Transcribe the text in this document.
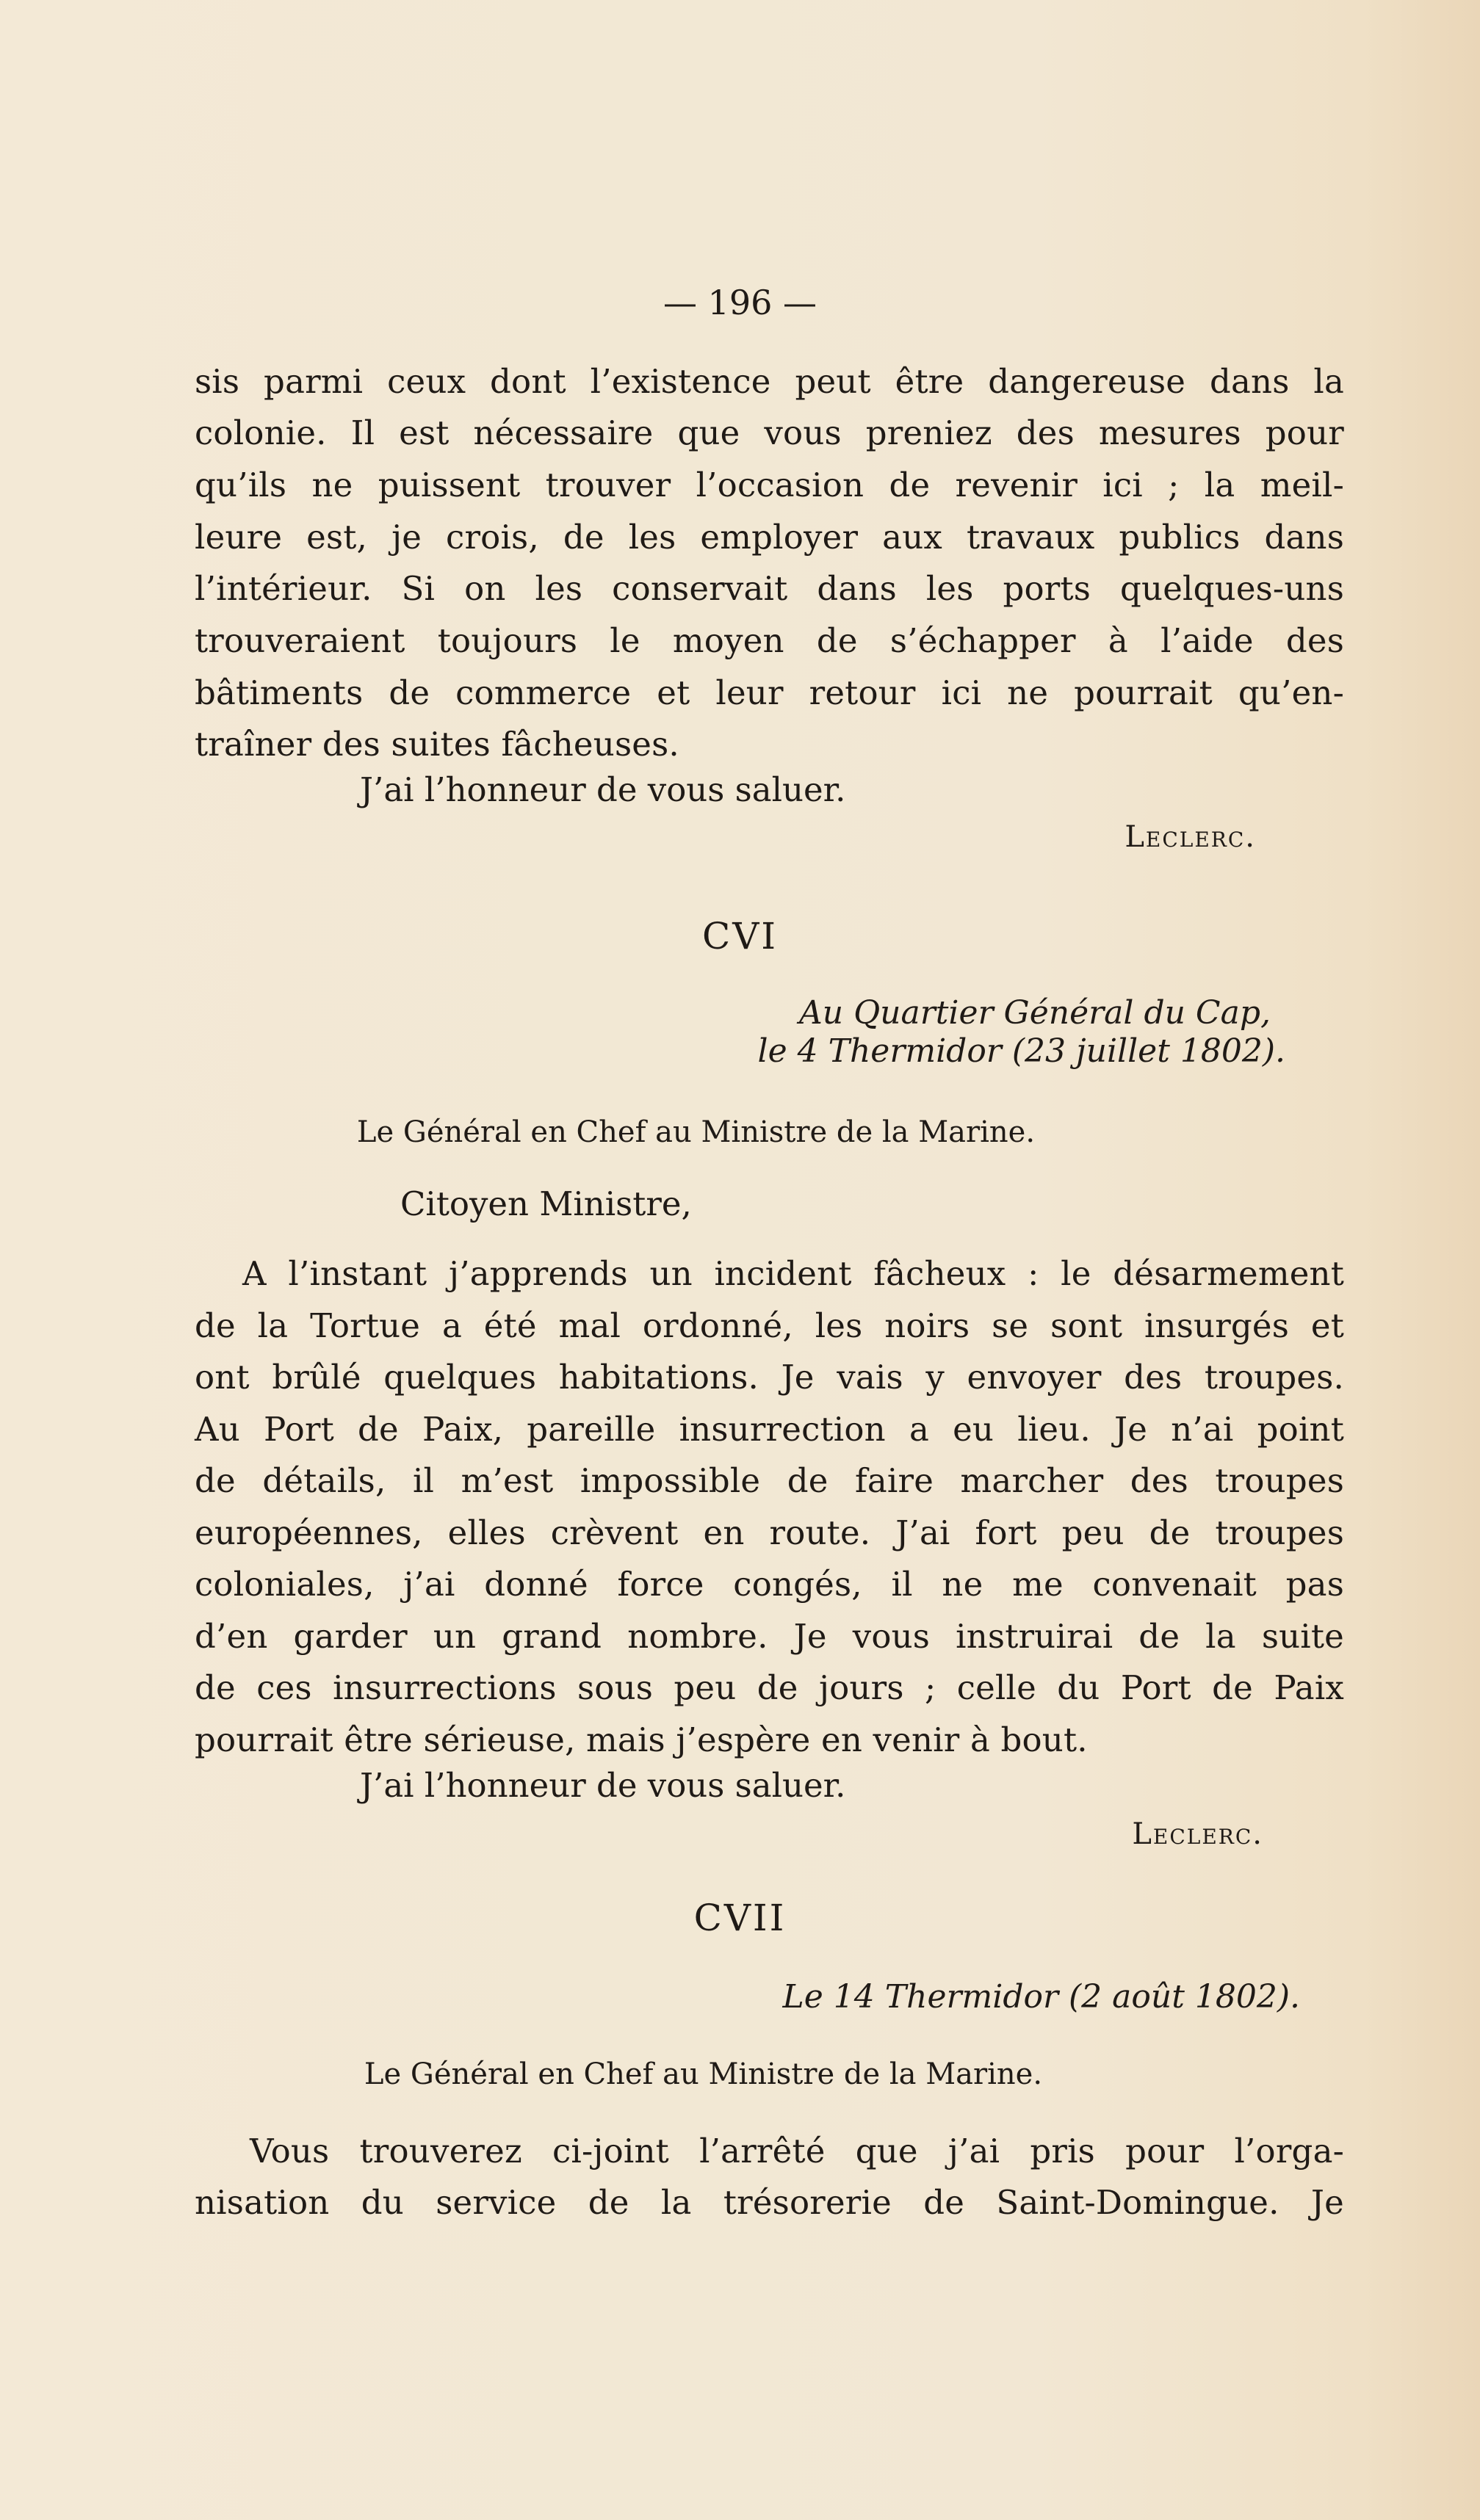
— 196 —
sis parmi ceux dont l’existence peut être dangereuse dans la
colonie. Il est nécessaire que vous preniez des mesures pour
qu’ils ne puissent trouver l’occasion de revenir ici ; la meil-
leure est, je crois, de les employer aux travaux publics dans
l’intérieur. Si on les conservait dans les ports quelques-uns
trouveraient toujours le moyen de s’échapper à l’aide des
bâtiments de commerce et leur retour ici ne pourrait qu’en-
traîner des suites fâcheuses.
J’ai l’honneur de vous saluer.
Leclerc.
CVI
Au Quartier Général du Cap,
le 4 Thermidor (23 juillet 1802).
Le Général en Chef au Ministre de la Marine.
Citoyen Ministre,
A l’instant j’apprends un incident fâcheux : le désarmement
de la Tortue a été mal ordonné, les noirs se sont insurgés et
ont brûlé quelques habitations. Je vais y envoyer des troupes.
Au Port de Paix, pareille insurrection a eu lieu. Je n’ai point
de détails, il m’est impossible de faire marcher des troupes
européennes, elles crèvent en route. J’ai fort peu de troupes
coloniales, j’ai donné force congés, il ne me convenait pas
d’en garder un grand nombre. Je vous instruirai de la suite
de ces insurrections sous peu de jours ; celle du Port de Paix
pourrait être sérieuse, mais j’espère en venir à bout.
J’ai l’honneur de vous saluer.
Leclerc.
CVII
Le 14 Thermidor (2 août 1802).
Le Général en Chef au Ministre de la Marine.
Vous trouverez ci-joint l’arrêté que j’ai pris pour l’orga-
nisation du service de la trésorerie de Saint-Domingue. Je
